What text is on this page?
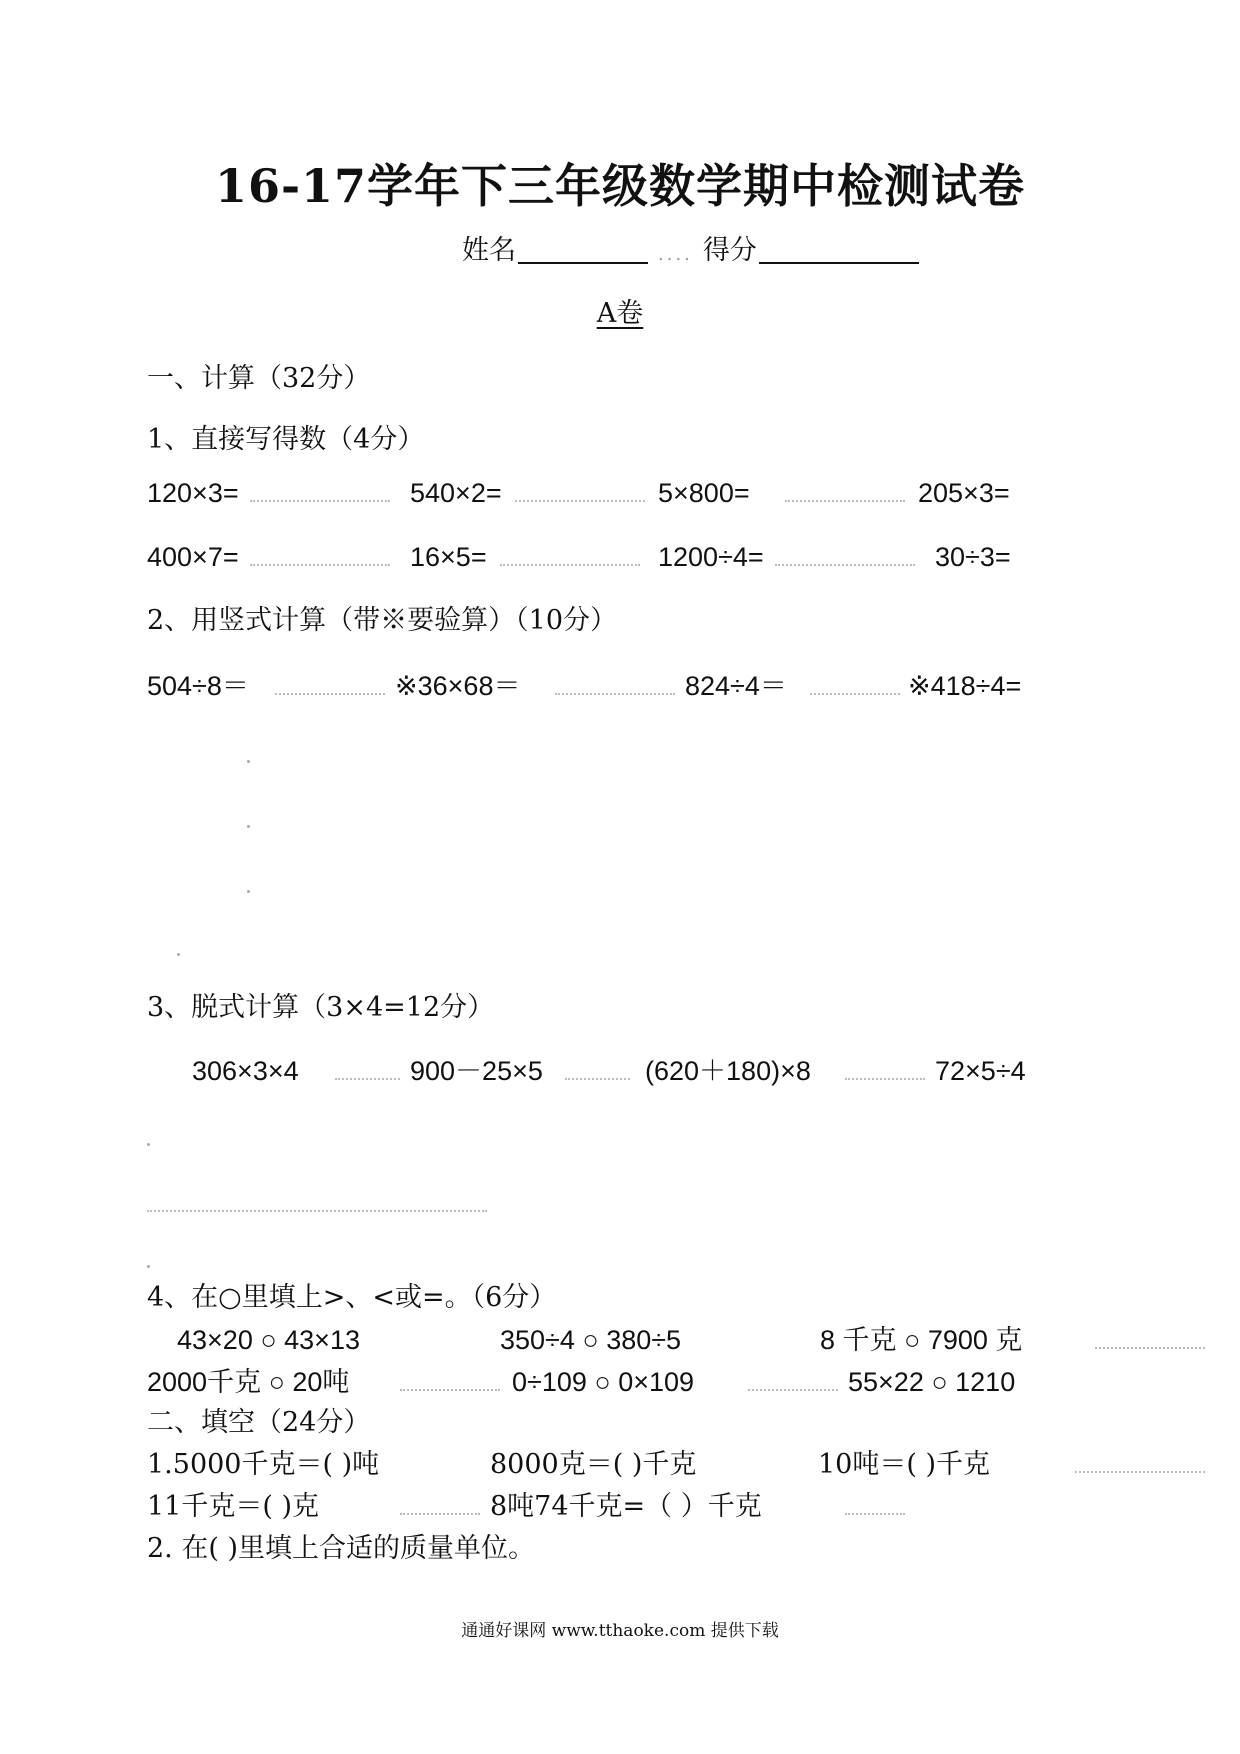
16-17学年下三年级数学期中检测试卷
姓名	.... 得分
A卷
一、计算（32分）
1、直接写得数（4分）
120×3=	540×2=	5×800=	205×3=
400×7=	16×5=	1200÷4=	30÷3=
2、用竖式计算（带※要验算）（10分）
504÷8＝	※36×68＝	824÷4＝	※418÷4=
3、脱式计算（3×4=12分）
306×3×4	900－25×5	(620＋180)×8	72×5÷4
4、在○里填上>、<或=。（6分）
43×20 ○ 43×13	350÷4 ○ 380÷5	8 千克 ○ 7900 克
2000千克 ○ 20吨	0÷109 ○ 0×109	55×22 ○ 1210
二、填空（24分）
1.5000千克＝( )吨	8000克＝( )千克	10吨＝( )千克
11千克＝( )克	8吨74千克=（ ）千克
2. 在( )里填上合适的质量单位。
通通好课网 www.tthaoke.com 提供下载
